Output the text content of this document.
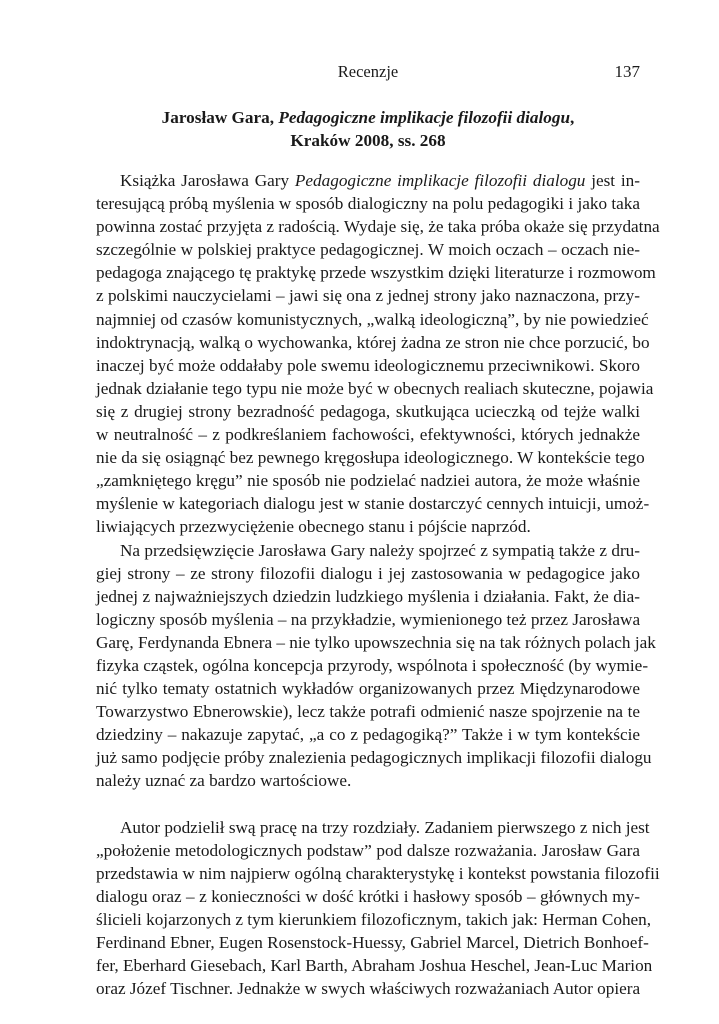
Recenzje	137
Jarosław Gara, Pedagogiczne implikacje filozofii dialogu,
Kraków 2008, ss. 268
Książka Jarosława Gary Pedagogiczne implikacje filozofii dialogu jest in-
teresującą próbą myślenia w sposób dialogiczny na polu pedagogiki i jako taka
powinna zostać przyjęta z radością. Wydaje się, że taka próba okaże się przydatna
szczególnie w polskiej praktyce pedagogicznej. W moich oczach – oczach nie-
pedagoga znającego tę praktykę przede wszystkim dzięki literaturze i rozmowom
z polskimi nauczycielami – jawi się ona z jednej strony jako naznaczona, przy-
najmniej od czasów komunistycznych, „walką ideologiczną”, by nie powiedzieć
indoktrynacją, walką o wychowanka, której żadna ze stron nie chce porzucić, bo
inaczej być może oddałaby pole swemu ideologicznemu przeciwnikowi. Skoro
jednak działanie tego typu nie może być w obecnych realiach skuteczne, pojawia
się z drugiej strony bezradność pedagoga, skutkująca ucieczką od tejże walki
w neutralność – z podkreślaniem fachowości, efektywności, których jednakże
nie da się osiągnąć bez pewnego kręgosłupa ideologicznego. W kontekście tego
„zamkniętego kręgu” nie sposób nie podzielać nadziei autora, że może właśnie
myślenie w kategoriach dialogu jest w stanie dostarczyć cennych intuicji, umoż-
liwiających przezwyciężenie obecnego stanu i pójście naprzód.
Na przedsięwzięcie Jarosława Gary należy spojrzeć z sympatią także z dru-
giej strony – ze strony filozofii dialogu i jej zastosowania w pedagogice jako
jednej z najważniejszych dziedzin ludzkiego myślenia i działania. Fakt, że dia-
logiczny sposób myślenia – na przykładzie, wymienionego też przez Jarosława
Garę, Ferdynanda Ebnera – nie tylko upowszechnia się na tak różnych polach jak
fizyka cząstek, ogólna koncepcja przyrody, wspólnota i społeczność (by wymie-
nić tylko tematy ostatnich wykładów organizowanych przez Międzynarodowe
Towarzystwo Ebnerowskie), lecz także potrafi odmienić nasze spojrzenie na te
dziedziny – nakazuje zapytać, „a co z pedagogiką?” Także i w tym kontekście
już samo podjęcie próby znalezienia pedagogicznych implikacji filozofii dialogu
należy uznać za bardzo wartościowe.
Autor podzielił swą pracę na trzy rozdziały. Zadaniem pierwszego z nich jest
„położenie metodologicznych podstaw” pod dalsze rozważania. Jarosław Gara
przedstawia w nim najpierw ogólną charakterystykę i kontekst powstania filozofii
dialogu oraz – z konieczności w dość krótki i hasłowy sposób – głównych my-
ślicieli kojarzonych z tym kierunkiem filozoficznym, takich jak: Herman Cohen,
Ferdinand Ebner, Eugen Rosenstock-Huessy, Gabriel Marcel, Dietrich Bonhoef-
fer, Eberhard Giesebach, Karl Barth, Abraham Joshua Heschel, Jean-Luc Marion
oraz Józef Tischner. Jednakże w swych właściwych rozważaniach Autor opiera
